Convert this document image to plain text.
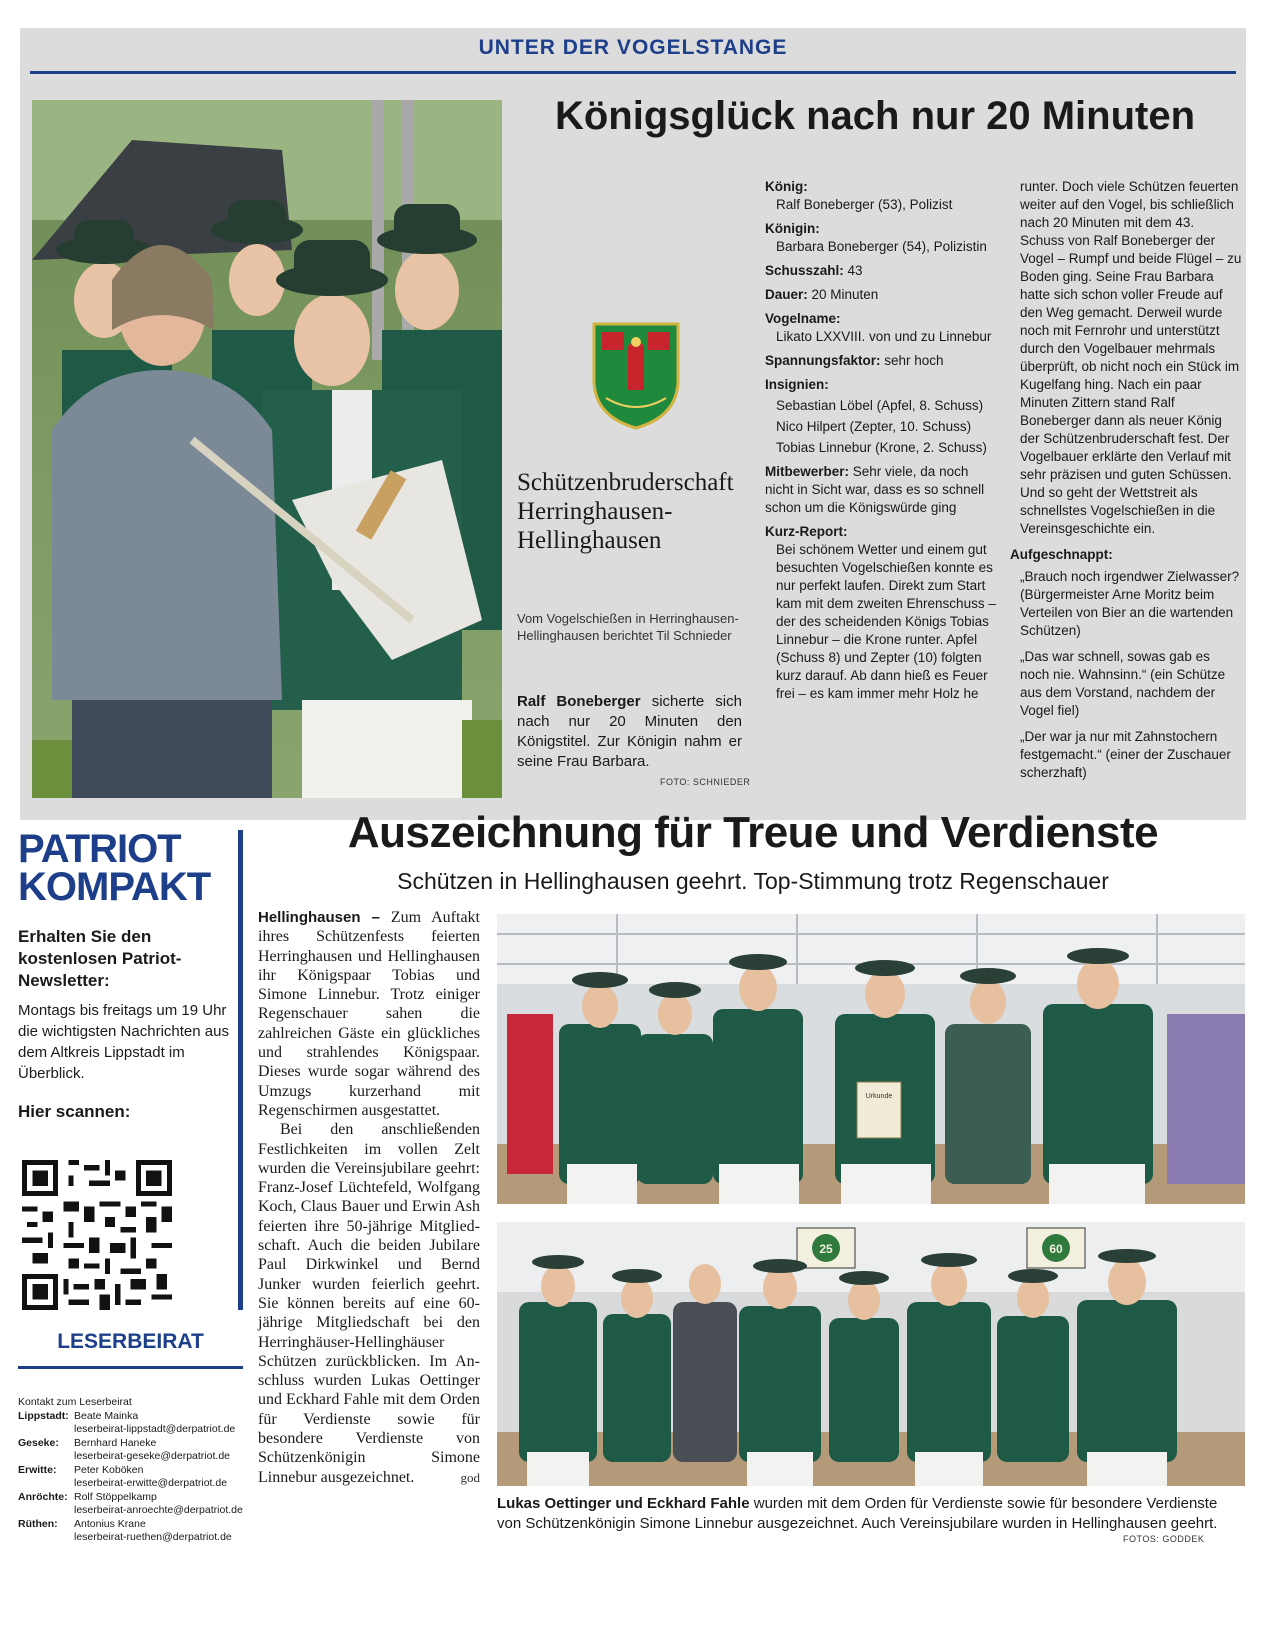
UNTER DER VOGELSTANGE
Königsglück nach nur 20 Minuten
Schützenbruderschaft Herringhausen-Hellinghausen
Vom Vogelschießen in Herringhausen-Hellinghausen berichtet Til Schnieder
Ralf Boneberger sicherte sich nach nur 20 Minuten den Königstitel. Zur Königin nahm er seine Frau Barbara.
FOTO: SCHNIEDER
König:
Ralf Boneberger (53), Polizist
Königin:
Barbara Boneberger (54), Polizistin
Schusszahl: 43
Dauer: 20 Minuten
Vogelname:
Likato LXXVIII. von und zu Linnebur
Spannungsfaktor: sehr hoch
Insignien:
Sebastian Löbel (Apfel, 8. Schuss)
Nico Hilpert (Zepter, 10. Schuss)
Tobias Linnebur (Krone, 2. Schuss)
Mitbewerber: Sehr viele, da noch nicht in Sicht war, dass es so schnell schon um die Königswürde ging
Kurz-Report:
Bei schönem Wetter und einem gut besuchten Vogelschießen konnte es nur perfekt laufen. Direkt zum Start kam mit dem zweiten Ehrenschuss – der des scheidenden Königs Tobias Linnebur – die Krone runter. Apfel (Schuss 8) und Zepter (10) folgten kurz darauf. Ab dann hieß es Feuer frei – es kam immer mehr Holz he

runter. Doch viele Schützen feuerten weiter auf den Vogel, bis schließlich nach 20 Minuten mit dem 43. Schuss von Ralf Boneberger der Vogel – Rumpf und beide Flügel – zu Boden ging. Seine Frau Barbara hatte sich schon voller Freude auf den Weg gemacht. Derweil wurde noch mit Fernrohr und unterstützt durch den Vogelbauer mehrmals überprüft, ob nicht noch ein Stück im Kugelfang hing. Nach ein paar Minuten Zittern stand Ralf Boneberger dann als neuer König der Schützenbruderschaft fest. Der Vogelbauer erklärte den Verlauf mit sehr präzisen und guten Schüssen. Und so geht der Wettstreit als schnellstes Vogelschießen in die Vereinsgeschichte ein.

Aufgeschnappt:

„Brauch noch irgendwer Zielwasser? (Bürgermeister Arne Moritz beim Verteilen von Bier an die wartenden Schützen)

„Das war schnell, sowas gab es noch nie. Wahnsinn.“ (ein Schütze aus dem Vorstand, nachdem der Vogel fiel)

„Der war ja nur mit Zahnstochern festgemacht.“ (einer der Zuschauer scherzhaft)

PATRIOT
KOMPAKT
Erhalten Sie den kostenlosen Patriot-Newsletter:
Montags bis freitags um 19 Uhr die wichtigsten Nachrichten aus dem Altkreis Lippstadt im Überblick.
Hier scannen:
LESERBEIRAT
Kontakt zum Leserbeirat
Lippstadt: Beate Mainka
leserbeirat-lippstadt@derpatriot.de
Geseke:	Bernhard Haneke
leserbeirat-geseke@derpatriot.de
Erwitte:	Peter Koböken
leserbeirat-erwitte@derpatriot.de
Anröchte: Rolf Stöppelkamp
leserbeirat-anroechte@derpatriot.de
Rüthen:	Antonius Krane
leserbeirat-ruethen@derpatriot.de
Auszeichnung für Treue und Verdienste
Schützen in Hellinghausen geehrt. Top-Stimmung trotz Regenschauer

Hellinghausen – Zum Auftakt ihres Schützenfests feierten Herringhausen und Hellinghausen ihr Königspaar Tobias und Simone Linnebur. Trotz einiger Regenschauer sahen die zahlreichen Gäste ein glückliches und strahlendes Königspaar. Dieses wurde sogar während des Umzugs kurzerhand mit Regenschirmen ausgestattet.

Bei den anschließenden Festlichkeiten im vollen Zelt wurden die Vereinsjubilare geehrt: Franz-Josef Lüchtefeld, Wolfgang Koch, Claus Bauer und Erwin Ash feierten ihre 50-jährige Mitgliedschaft. Auch die beiden Jubilare Paul Dirkwinkel und Bernd Junker wurden feierlich geehrt. Sie können bereits auf eine 60-jährige Mitgliedschaft bei den Herringhäuser-Hellinghäuser Schützen zurückblicken. Im Anschluss wurden Lukas Oettinger und Eckhard Fahle mit dem Orden für Verdienste sowie für besondere Verdienste von Schützenkönigin Simone Linnebur ausgezeichnet.	god

Urkunde
25	60
Lukas Oettinger und Eckhard Fahle wurden mit dem Orden für Verdienste sowie für besondere Verdienste von Schützenkönigin Simone Linnebur ausgezeichnet. Auch Vereinsjubilare wurden in Hellinghausen geehrt.
FOTOS: GODDEK
